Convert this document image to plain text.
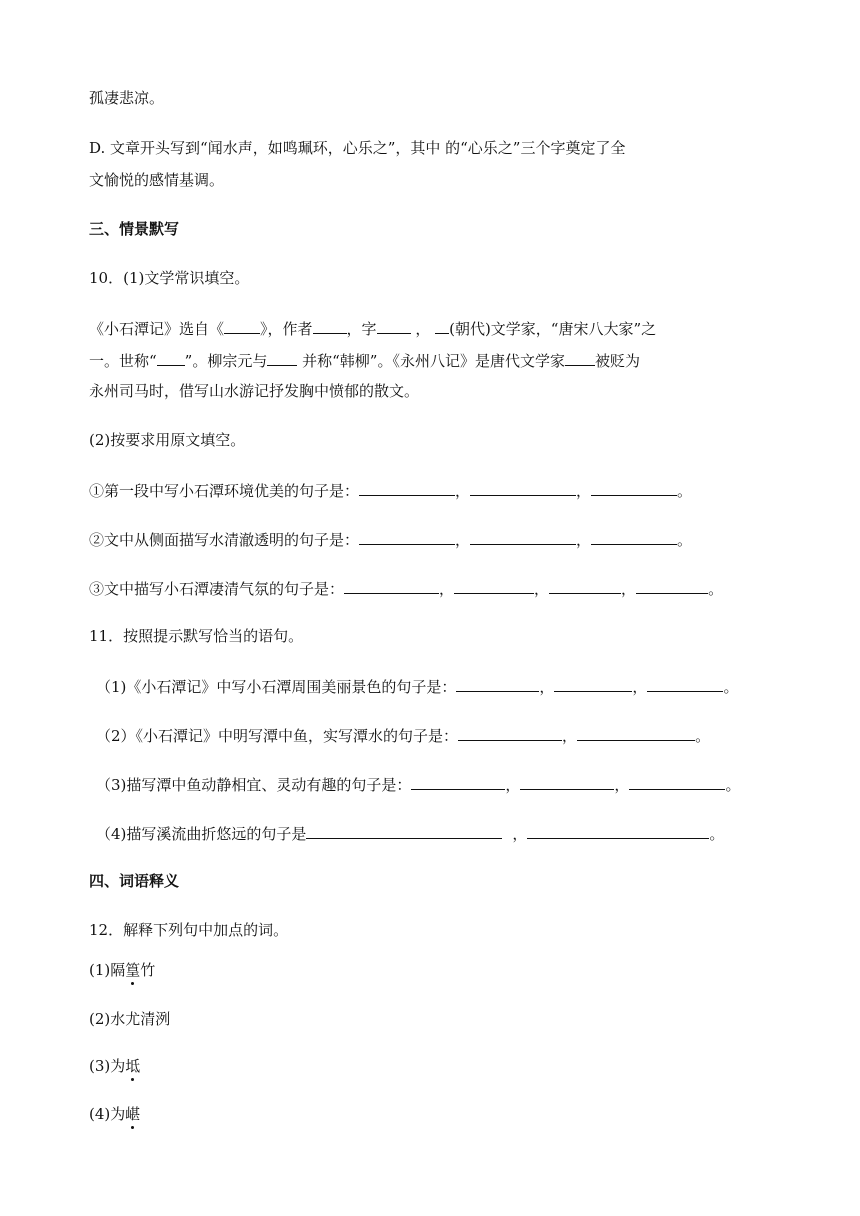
孤凄悲凉。
D. 文章开头写到“闻水声，如鸣珮环，心乐之”，其中 的“心乐之”三个字奠定了全
文愉悦的感情基调。
三、情景默写
10．(1)文学常识填空。
《小石潭记》选自《 》，作者 ，字 ， (朝代)文学家，“唐宋八大家”之
一。世称“ ”。柳宗元与 并称“韩柳”。《永州八记》是唐代文学家 被贬为
永州司马时，借写山水游记抒发胸中愤郁的散文。
(2)按要求用原文填空。
①第一段中写小石潭环境优美的句子是：	，	，	。
②文中从侧面描写水清澈透明的句子是：	，	，	。
③文中描写小石潭凄清气氛的句子是：	，	，	，	。
11．按照提示默写恰当的语句。
（1)《小石潭记》中写小石潭周围美丽景色的句子是：	，	，	。
（2）《小石潭记》中明写潭中鱼，实写潭水的句子是：	，	。
（3)描写潭中鱼动静相宜、灵动有趣的句子是：	，	，	。
（4)描写溪流曲折悠远的句子是	，	。
四、词语释义
12．解释下列句中加点的词。
(1)隔篁竹
(2)水尤清洌
(3)为坻
(4)为嵁
